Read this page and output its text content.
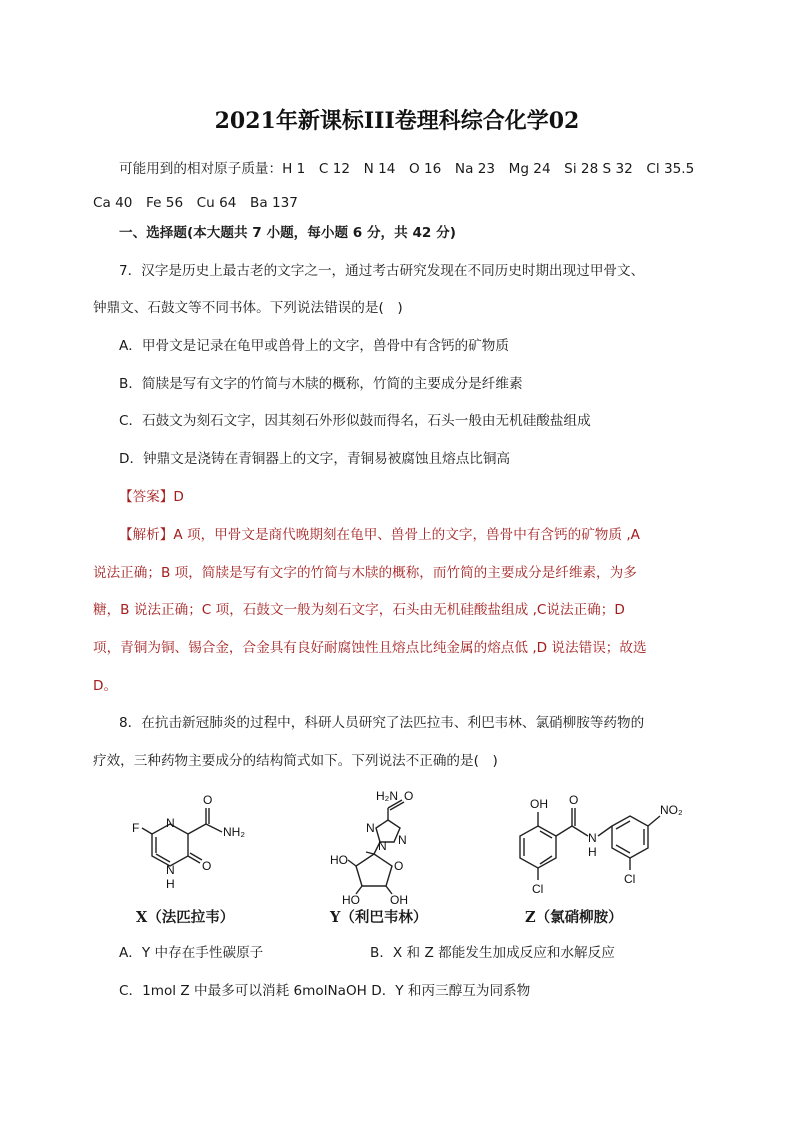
2021年新课标III卷理科综合化学02
可能用到的相对原子质量：H 1　C 12　N 14　O 16　Na 23　Mg 24　Si 28 S 32　Cl 35.5
Ca 40　Fe 56　Cu 64　Ba 137
一、选择题(本大题共 7 小题，每小题 6 分，共 42 分)
7．汉字是历史上最古老的文字之一，通过考古研究发现在不同历史时期出现过甲骨文、
钟鼎文、石鼓文等不同书体。下列说法错误的是(　)
A．甲骨文是记录在龟甲或兽骨上的文字，兽骨中有含钙的矿物质
B．简牍是写有文字的竹简与木牍的概称，竹简的主要成分是纤维素
C．石鼓文为刻石文字，因其刻石外形似鼓而得名，石头一般由无机硅酸盐组成
D．钟鼎文是浇铸在青铜器上的文字，青铜易被腐蚀且熔点比铜高
【答案】D
【解析】A 项，甲骨文是商代晚期刻在龟甲、兽骨上的文字，兽骨中有含钙的矿物质 ,A
说法正确；B 项，简牍是写有文字的竹简与木牍的概称，而竹简的主要成分是纤维素，为多
糖，B 说法正确；C 项，石鼓文一般为刻石文字，石头由无机硅酸盐组成 ,C说法正确；D
项，青铜为铜、锡合金，合金具有良好耐腐蚀性且熔点比纯金属的熔点低 ,D 说法错误；故选
D。
8．在抗击新冠肺炎的过程中，科研人员研究了法匹拉韦、利巴韦林、氯硝柳胺等药物的
疗效，三种药物主要成分的结构简式如下。下列说法不正确的是(　)
F N
N
H
O
NH₂
O
X（法匹拉韦）
H₂N O
N
N
N
HO	O
HO	OH
Y（利巴韦林）
OH O
N
H
NO₂
Cl
Cl
Z（氯硝柳胺）
A．Y 中存在手性碳原子	B．X 和 Z 都能发生加成反应和水解反应
C．1mol Z 中最多可以消耗 6molNaOH D．Y 和丙三醇互为同系物
